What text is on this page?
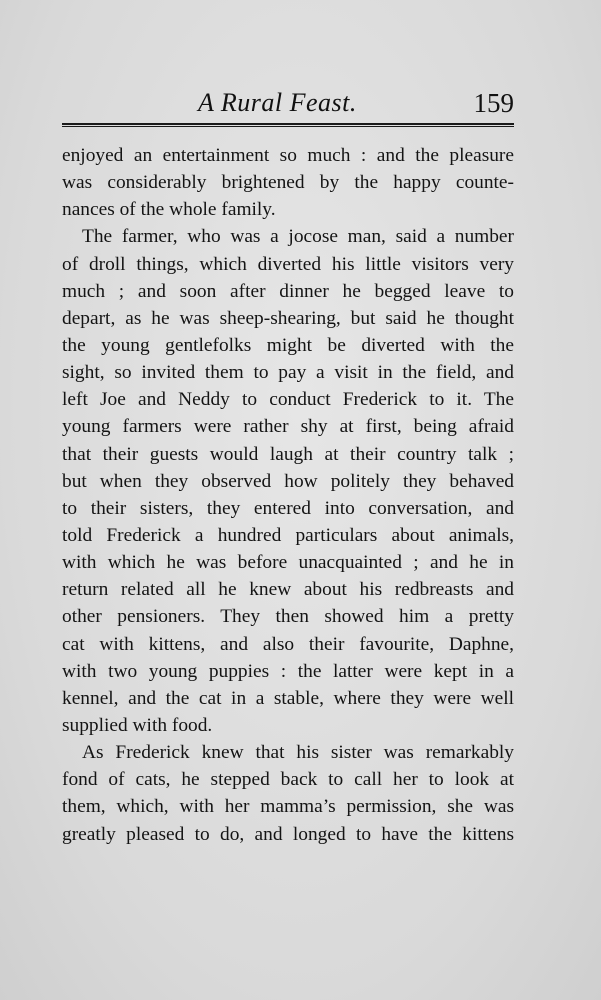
A Rural Feast.	159
enjoyed an entertainment so much : and the pleasure
was considerably brightened by the happy counte-
nances of the whole family.
The farmer, who was a jocose man, said a number
of droll things, which diverted his little visitors very
much ; and soon after dinner he begged leave to
depart, as he was sheep-shearing, but said he thought
the young gentlefolks might be diverted with the
sight, so invited them to pay a visit in the field, and
left Joe and Neddy to conduct Frederick to it. The
young farmers were rather shy at first, being afraid
that their guests would laugh at their country talk ;
but when they observed how politely they behaved
to their sisters, they entered into conversation, and
told Frederick a hundred particulars about animals,
with which he was before unacquainted ; and he in
return related all he knew about his redbreasts and
other pensioners. They then showed him a pretty
cat with kittens, and also their favourite, Daphne,
with two young puppies : the latter were kept in a
kennel, and the cat in a stable, where they were well
supplied with food.
As Frederick knew that his sister was remarkably
fond of cats, he stepped back to call her to look at
them, which, with her mamma’s permission, she was
greatly pleased to do, and longed to have the kittens
